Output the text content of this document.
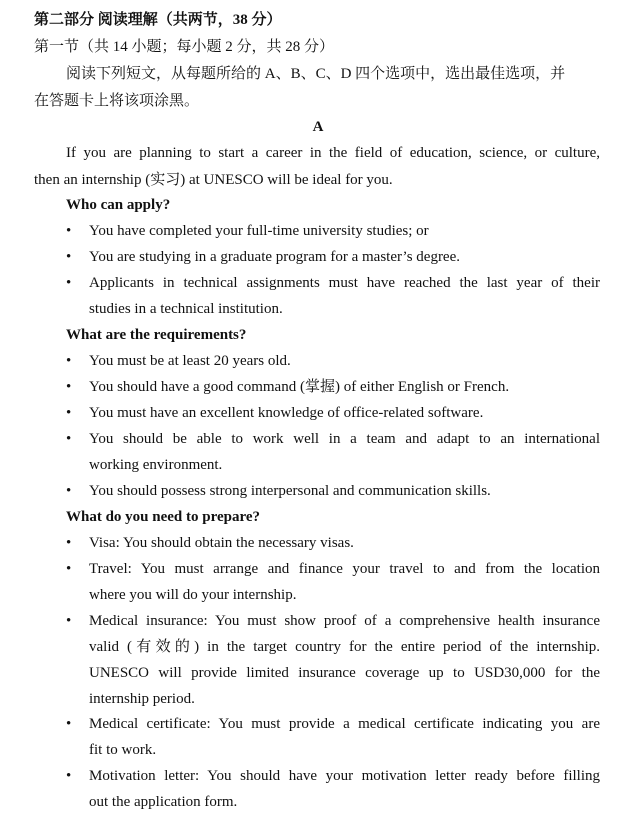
第二部分 阅读理解（共两节，38 分）
第一节（共 14 小题；每小题 2 分，共 28 分）
阅读下列短文，从每题所给的 A、B、C、D 四个选项中，选出最佳选项，并
在答题卡上将该项涂黑。
A
If you are planning to start a career in the field of education, science, or culture,
then an internship (实习) at UNESCO will be ideal for you.
Who can apply?
•	You have completed your full-time university studies; or
•	You are studying in a graduate program for a master’s degree.
•	Applicants in technical assignments must have reached the last year of their
studies in a technical institution.
What are the requirements?
•	You must be at least 20 years old.
•	You should have a good command (掌握) of either English or French.
•	You must have an excellent knowledge of office-related software.
•	You should be able to work well in a team and adapt to an international
working environment.
•	You should possess strong interpersonal and communication skills.
What do you need to prepare?
•	Visa: You should obtain the necessary visas.
•	Travel: You must arrange and finance your travel to and from the location
where you will do your internship.
•	Medical insurance: You must show proof of a comprehensive health insurance
valid (有效的) in the target country for the entire period of the internship.
UNESCO will provide limited insurance coverage up to USD30,000 for the
internship period.
•	Medical certificate: You must provide a medical certificate indicating you are
fit to work.
•	Motivation letter: You should have your motivation letter ready before filling
out the application form.
